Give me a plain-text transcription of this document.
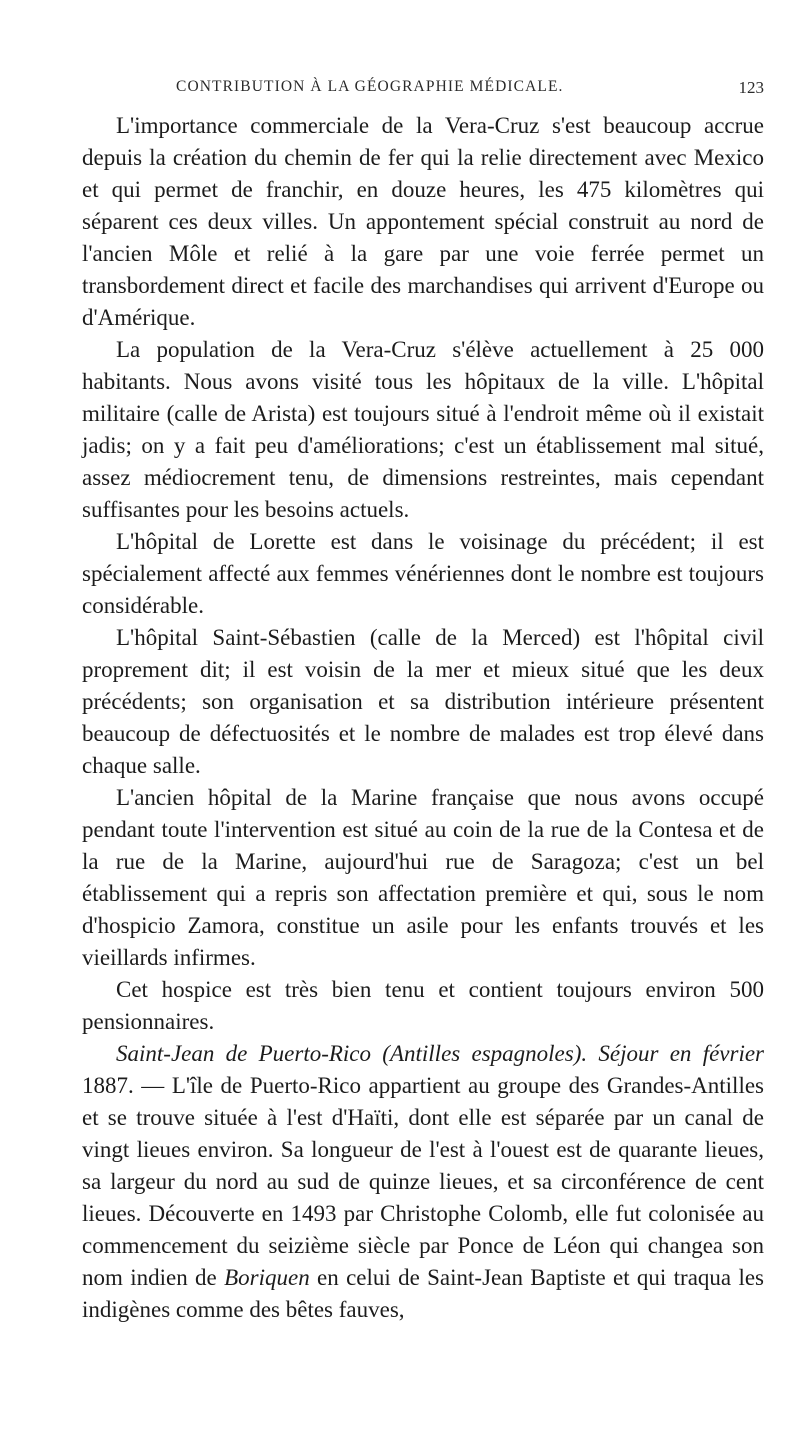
CONTRIBUTION À LA GÉOGRAPHIE MÉDICALE.	123

L'importance commerciale de la Vera-Cruz s'est beaucoup accrue depuis la création du chemin de fer qui la relie directement avec Mexico et qui permet de franchir, en douze heures, les 475 kilomètres qui séparent ces deux villes. Un appontement spécial construit au nord de l'ancien Môle et relié à la gare par une voie ferrée permet un transbordement direct et facile des marchandises qui arrivent d'Europe ou d'Amérique.

La population de la Vera-Cruz s'élève actuellement à 25 000 habitants. Nous avons visité tous les hôpitaux de la ville. L'hôpital militaire (calle de Arista) est toujours situé à l'endroit même où il existait jadis; on y a fait peu d'améliorations; c'est un établissement mal situé, assez médiocrement tenu, de dimensions restreintes, mais cependant suffisantes pour les besoins actuels.

L'hôpital de Lorette est dans le voisinage du précédent; il est spécialement affecté aux femmes vénériennes dont le nombre est toujours considérable.

L'hôpital Saint-Sébastien (calle de la Merced) est l'hôpital civil proprement dit; il est voisin de la mer et mieux situé que les deux précédents; son organisation et sa distribution intérieure présentent beaucoup de défectuosités et le nombre de malades est trop élevé dans chaque salle.

L'ancien hôpital de la Marine française que nous avons occupé pendant toute l'intervention est situé au coin de la rue de la Contesa et de la rue de la Marine, aujourd'hui rue de Saragoza; c'est un bel établissement qui a repris son affectation première et qui, sous le nom d'hospicio Zamora, constitue un asile pour les enfants trouvés et les vieillards infirmes.

Cet hospice est très bien tenu et contient toujours environ 500 pensionnaires.

Saint-Jean de Puerto-Rico (Antilles espagnoles). Séjour en février 1887. — L'île de Puerto-Rico appartient au groupe des Grandes-Antilles et se trouve située à l'est d'Haïti, dont elle est séparée par un canal de vingt lieues environ. Sa longueur de l'est à l'ouest est de quarante lieues, sa largeur du nord au sud de quinze lieues, et sa circonférence de cent lieues. Découverte en 1493 par Christophe Colomb, elle fut colonisée au commencement du seizième siècle par Ponce de Léon qui changea son nom indien de Boriquen en celui de Saint-Jean Baptiste et qui traqua les indigènes comme des bêtes fauves,
